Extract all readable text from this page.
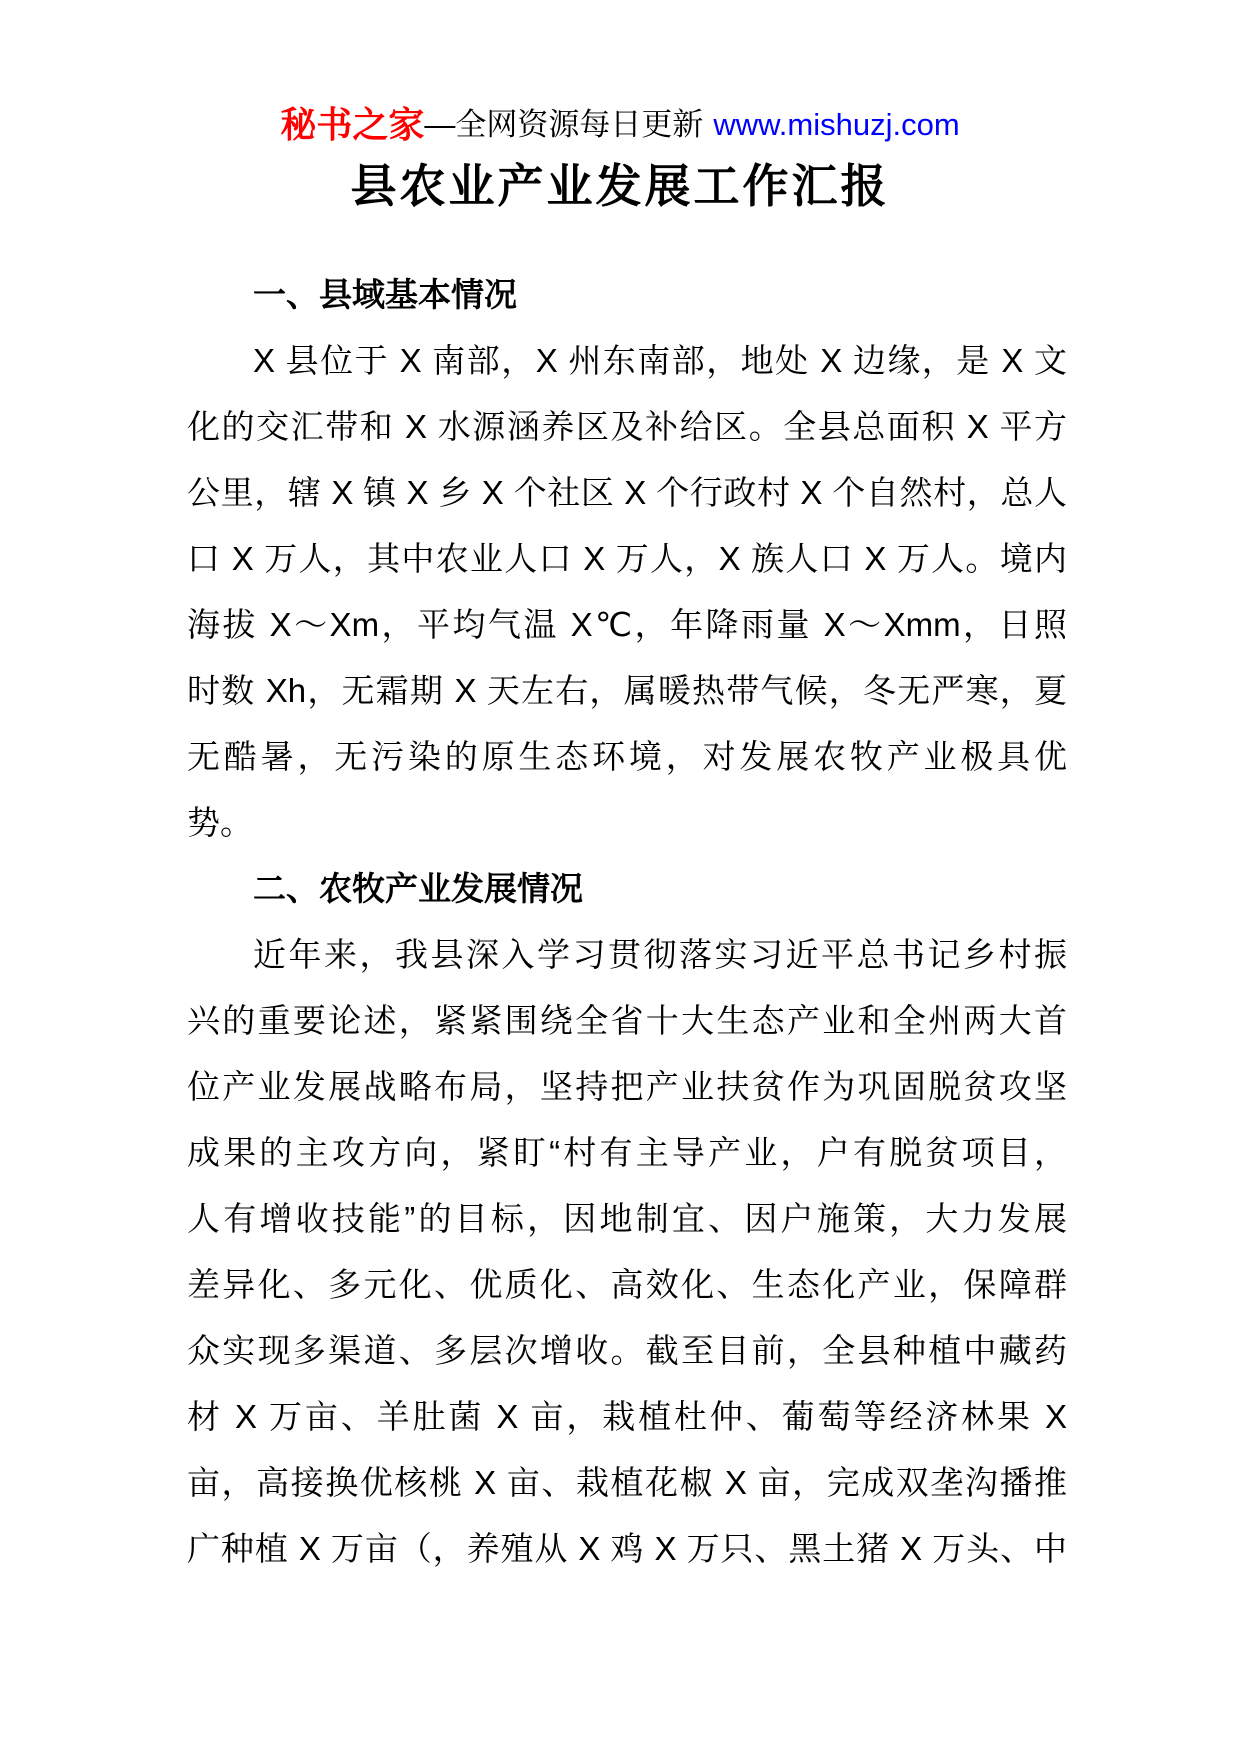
秘书之家—全网资源每日更新 www.mishuzj.com
县农业产业发展工作汇报
一、县域基本情况
X 县位于 X 南部，X 州东南部，地处 X 边缘，是 X 文
化的交汇带和 X 水源涵养区及补给区。全县总面积 X 平方
公里，辖 X 镇 X 乡 X 个社区 X 个行政村 X 个自然村，总人
口 X 万人，其中农业人口 X 万人，X 族人口 X 万人。境内
海拔 X～Xm，平均气温 X℃，年降雨量 X～Xmm，日照
时数 Xh，无霜期 X 天左右，属暖热带气候，冬无严寒，夏
无酷暑，无污染的原生态环境，对发展农牧产业极具优
势。
二、农牧产业发展情况
近年来，我县深入学习贯彻落实习近平总书记乡村振
兴的重要论述，紧紧围绕全省十大生态产业和全州两大首
位产业发展战略布局，坚持把产业扶贫作为巩固脱贫攻坚
成果的主攻方向，紧盯“村有主导产业，户有脱贫项目，
人有增收技能”的目标，因地制宜、因户施策，大力发展
差异化、多元化、优质化、高效化、生态化产业，保障群
众实现多渠道、多层次增收。截至目前，全县种植中藏药
材 X 万亩、羊肚菌 X 亩，栽植杜仲、葡萄等经济林果 X
亩，高接换优核桃 X 亩、栽植花椒 X 亩，完成双垄沟播推
广种植 X 万亩（，养殖从 X 鸡 X 万只、黑土猪 X 万头、中
